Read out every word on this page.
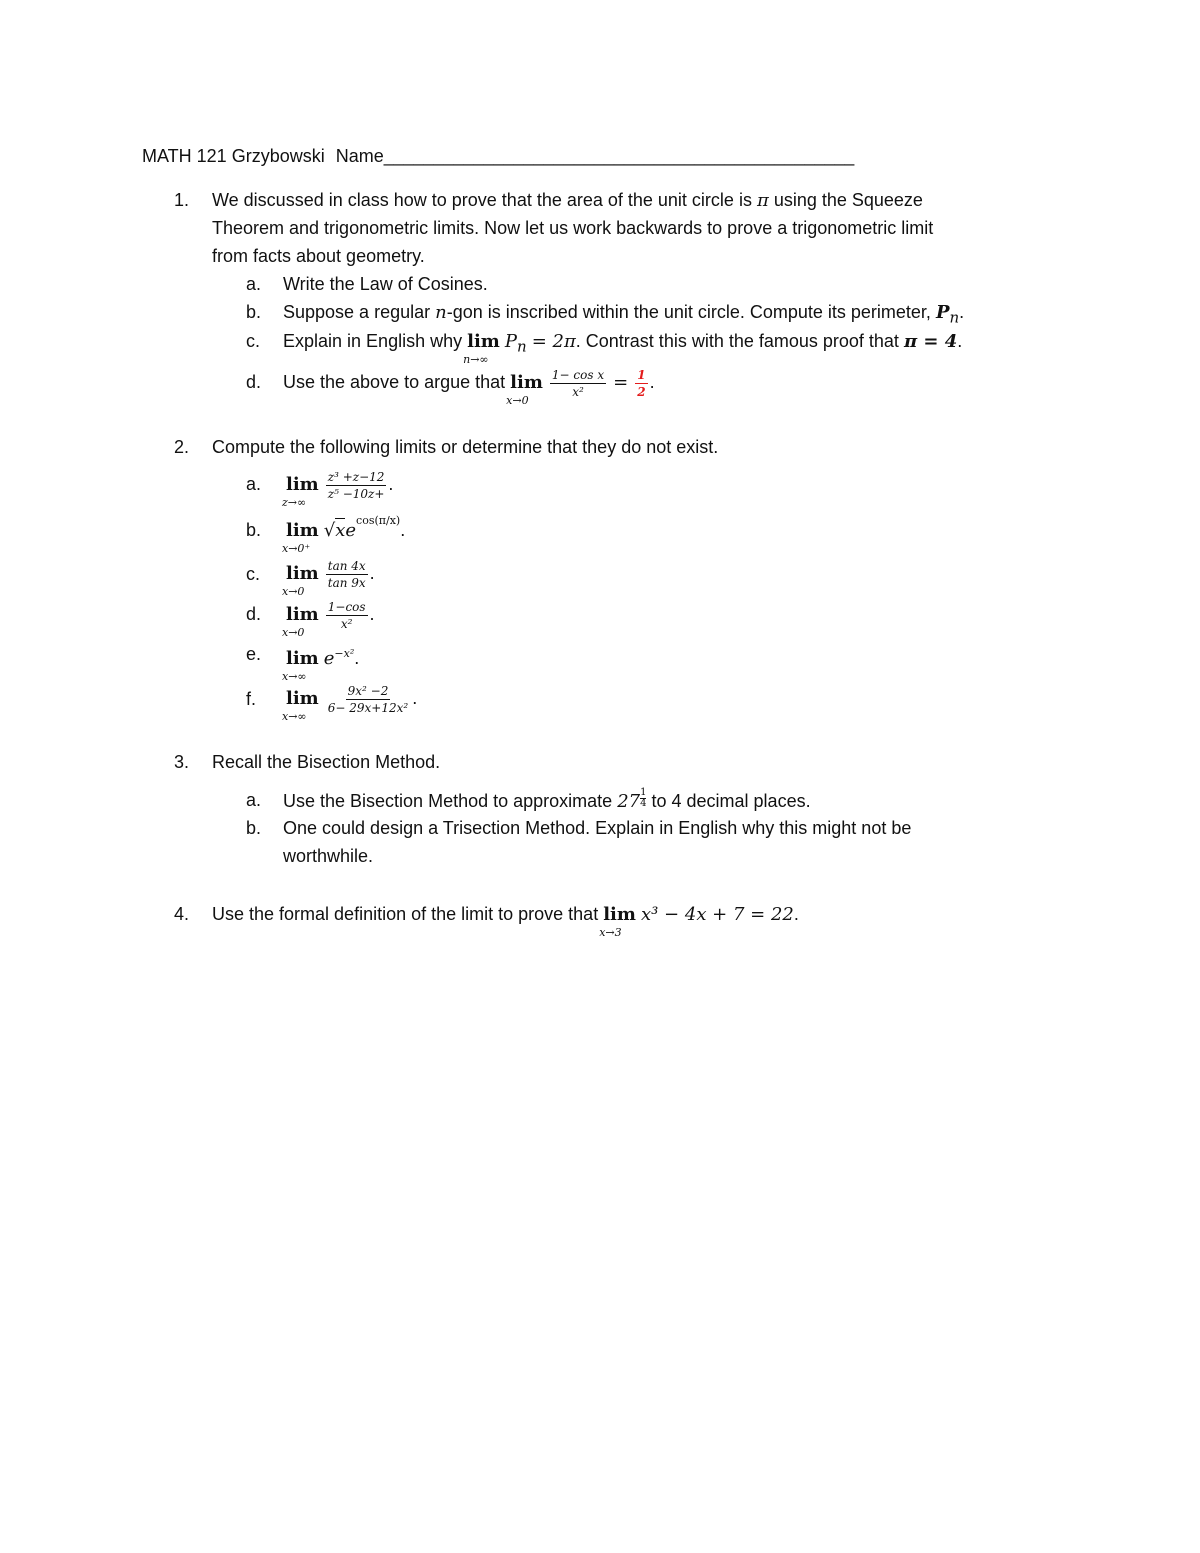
MATH 121 Grzybowski Name_______________________________________________
1. We discussed in class how to prove that the area of the unit circle is π using the Squeeze
Theorem and trigonometric limits. Now let us work backwards to prove a trigonometric limit
from facts about geometry.
a. Write the Law of Cosines.
b. Suppose a regular n-gon is inscribed within the unit circle. Compute its perimeter, $P_n$.
c. Explain in English why lim
n→∞
$P_n = 2\pi$. Contrast this with the famous proof that π = 4.
d. Use the above to argue that lim
x→0

$\frac{\text{1− cos x}}{\text{x²}} = \frac{1}{2}$ .
2. Compute the following limits or determine that they do not exist.
a. lim
z→∞

$\frac{\text{z³ +z−12}}{\text{z⁵ −10z+}}$ .
b. lim
x→0⁺
√xecos(π/x).
c. lim
x→0

$\frac{\tan 4x}{\tan 9x}$ .
d. lim
x→0

$\frac{1-\cos}{\text{x²}}$ .
e. lim
x→∞
$e^{-x^2}$.
f. lim
x→∞

$\frac{\text{9x² −2}}{\text{6− 29x+12x²}}$ .
3. Recall the Bisection Method.
a. Use the Bisection Method to approximate $27 \frac{1}{4}$ to 4 decimal places.
b. One could design a Trisection Method. Explain in English why this might not be
worthwhile.
4. Use the formal definition of the limit to prove that lim
x→3
x³ − 4x + 7 = 22.
